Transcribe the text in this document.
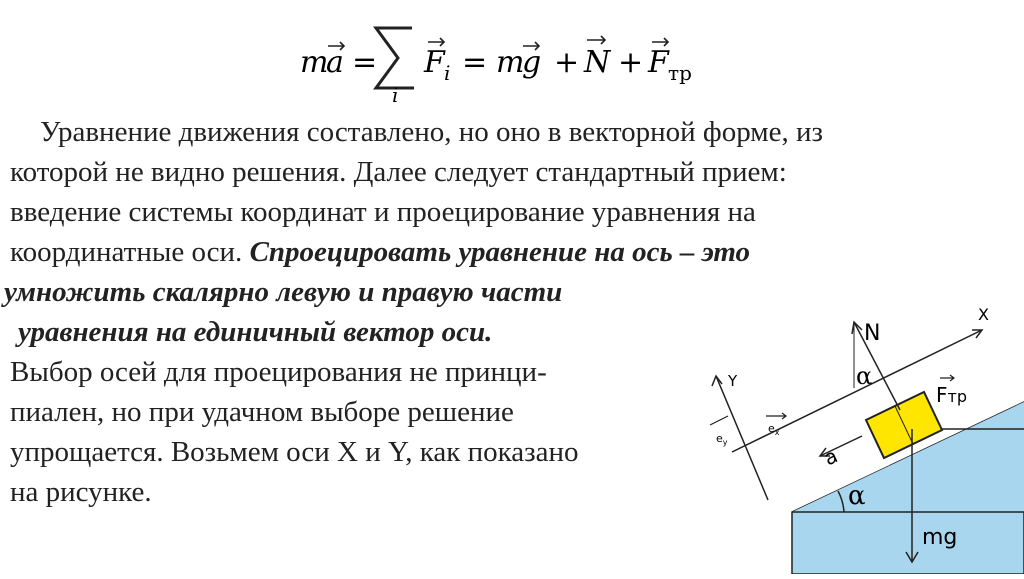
m
a =
i
F i = m
g + N + F тр
Уравнение движения составлено, но оно в векторной форме, из
которой не видно решения. Далее следует стандартный прием:
введение системы координат и проецирование уравнения на
координатные оси. Спроецировать уравнение на ось – это
умножить скалярно левую и правую части
уравнения на единичный вектор оси.
Выбор осей для проецирования не принци-
пиален, но при удачном выборе решение
упрощается. Возьмем оси X и Y, как показано
на рисунке.	α
X
Y
$e_y$
$e_x$
a
mg
N
α
Fтр
